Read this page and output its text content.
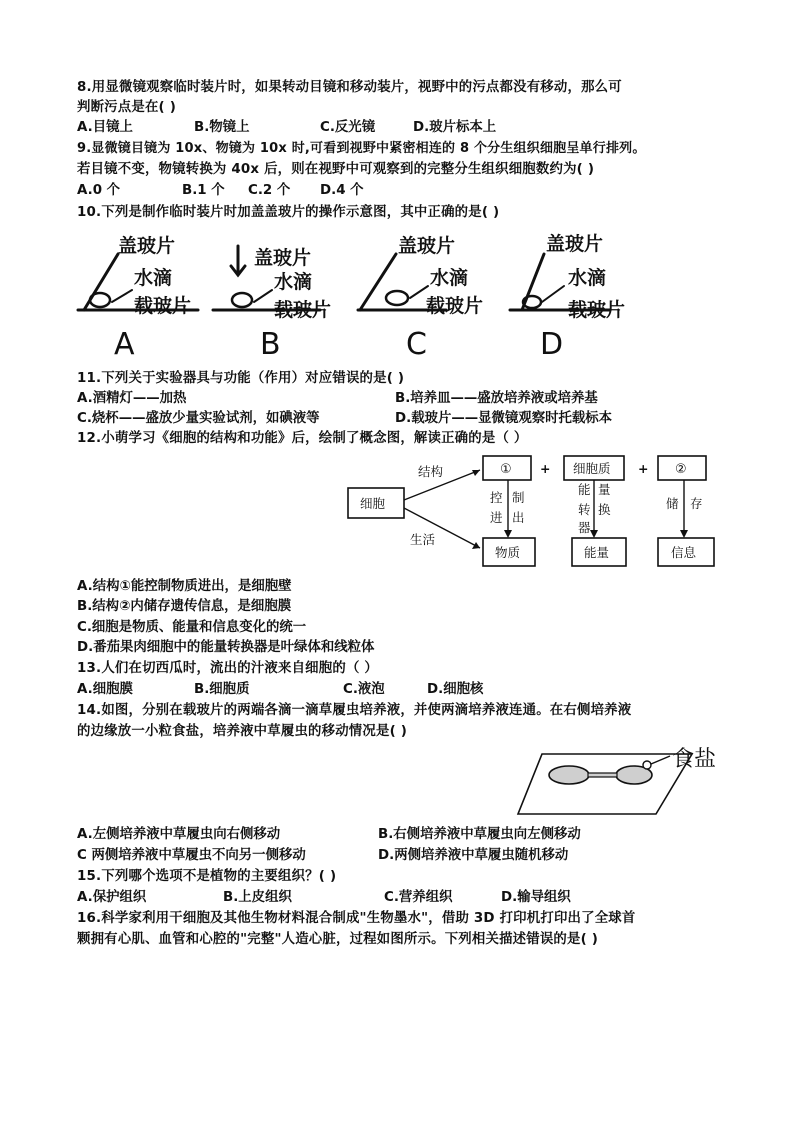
8.用显微镜观察临时装片时，如果转动目镜和移动装片，视野中的污点都没有移动，那么可
判断污点是在( )
A.目镜上	B.物镜上	C.反光镜	D.玻片标本上
9.显微镜目镜为 10x、物镜为 10x 时,可看到视野中紧密相连的 8 个分生组织细胞呈单行排列。
若目镜不变，物镜转换为 40x 后，则在视野中可观察到的完整分生组织细胞数约为( )
A.0 个	B.1 个 C.2 个 D.4 个
10.下列是制作临时装片时加盖盖玻片的操作示意图，其中正确的是( )
盖玻片
水滴
载玻片
盖玻片
水滴
载玻片
盖玻片
水滴
载玻片
盖玻片
水滴
载玻片
A	B	C	D
11.下列关于实验器具与功能（作用）对应错误的是( )
A.酒精灯——加热	B.培养皿——盛放培养液或培养基
C.烧杯——盛放少量实验试剂，如碘液等	D.载玻片——显微镜观察时托载标本
12.小萌学习《细胞的结构和功能》后，绘制了概念图，解读正确的是（ ）
细胞
结构
生活
①	细胞质	②
+	+
控
进
制
出
能 量
转 换
器
储 存
物质	能量	信息
A.结构①能控制物质进出，是细胞壁
B.结构②内储存遗传信息，是细胞膜
C.细胞是物质、能量和信息变化的统一
D.番茄果肉细胞中的能量转换器是叶绿体和线粒体
13.人们在切西瓜时，流出的汁液来自细胞的（ ）
A.细胞膜	B.细胞质	C.液泡	D.细胞核
14.如图，分别在载玻片的两端各滴一滴草履虫培养液，并使两滴培养液连通。在右侧培养液
的边缘放一小粒食盐，培养液中草履虫的移动情况是( )
食盐
A.左侧培养液中草履虫向右侧移动	B.右侧培养液中草履虫向左侧移动
C 两侧培养液中草履虫不向另一侧移动	D.两侧培养液中草履虫随机移动
15.下列哪个选项不是植物的主要组织？( )
A.保护组织	B.上皮组织	C.营养组织	D.输导组织
16.科学家利用干细胞及其他生物材料混合制成"生物墨水"，借助 3D 打印机打印出了全球首
颗拥有心肌、血管和心腔的"完整"人造心脏，过程如图所示。下列相关描述错误的是( )
